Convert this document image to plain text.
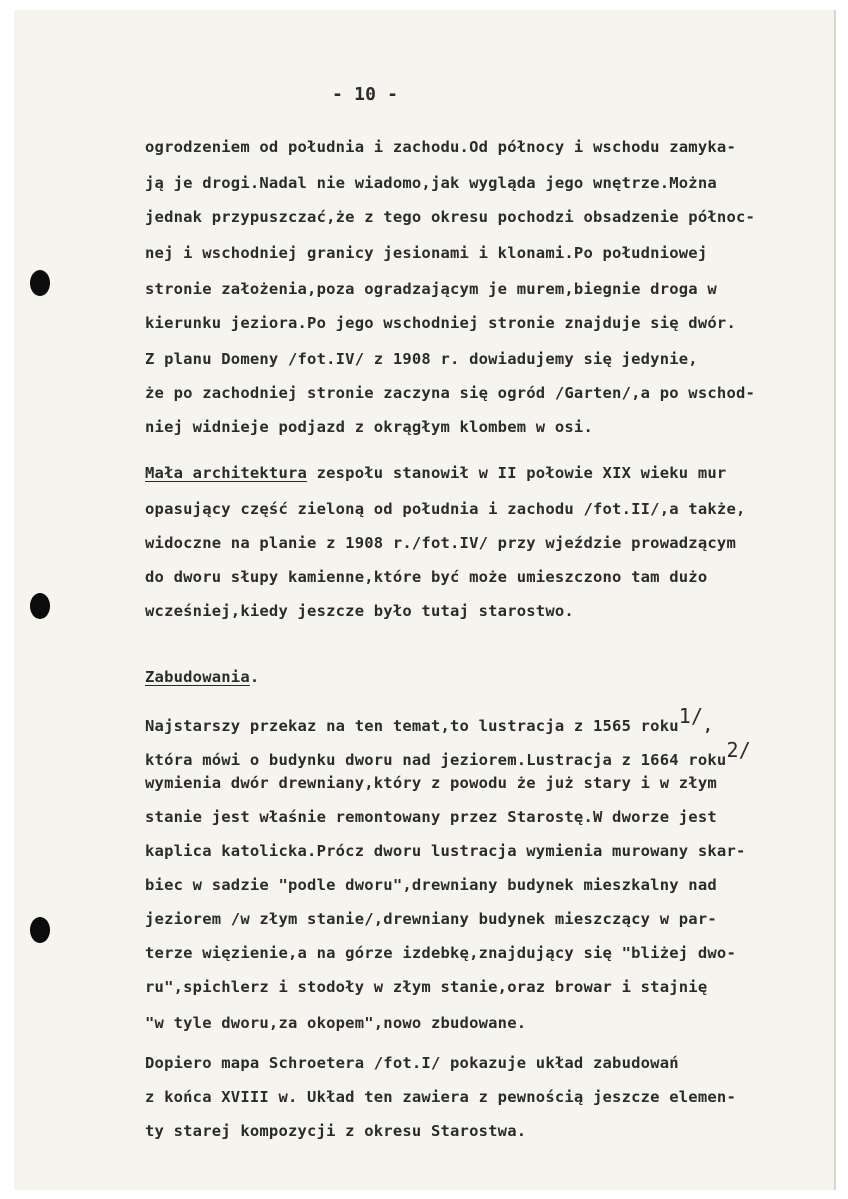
- 10 -

ogrodzeniem od południa i zachodu.Od północy i wschodu zamyka-

ją je drogi.Nadal nie wiadomo,jak wygląda jego wnętrze.Można

jednak przypuszczać,że z tego okresu pochodzi obsadzenie północ-

nej i wschodniej granicy jesionami i klonami.Po południowej

stronie założenia,poza ogradzającym je murem,biegnie droga w

kierunku jeziora.Po jego wschodniej stronie znajduje się dwór.

Z planu Domeny /fot.IV/ z 1908 r. dowiadujemy się jedynie,

że po zachodniej stronie zaczyna się ogród /Garten/,a po wschod-

niej widnieje podjazd z okrągłym klombem w osi.

Mała architektura zespołu stanowił w II połowie XIX wieku mur

opasujący część zieloną od południa i zachodu /fot.II/,a także,

widoczne na planie z 1908 r./fot.IV/ przy wjeździe prowadzącym

do dworu słupy kamienne,które być może umieszczono tam dużo

wcześniej,kiedy jeszcze było tutaj starostwo.

Zabudowania.

Najstarszy przekaz na ten temat,to lustracja z 1565 roku$^{1/}$,

która mówi o budynku dworu nad jeziorem.Lustracja z 1664 roku$^{2/}$

wymienia dwór drewniany,który z powodu że już stary i w złym

stanie jest właśnie remontowany przez Starostę.W dworze jest

kaplica katolicka.Prócz dworu lustracja wymienia murowany skar-

biec w sadzie "podle dworu",drewniany budynek mieszkalny nad

jeziorem /w złym stanie/,drewniany budynek mieszczący w par-

terze więzienie,a na górze izdebkę,znajdujący się "bliżej dwo-

ru",spichlerz i stodoły w złym stanie,oraz browar i stajnię

"w tyle dworu,za okopem",nowo zbudowane.

Dopiero mapa Schroetera /fot.I/ pokazuje układ zabudowań

z końca XVIII w. Układ ten zawiera z pewnością jeszcze elemen-

ty starej kompozycji z okresu Starostwa.
